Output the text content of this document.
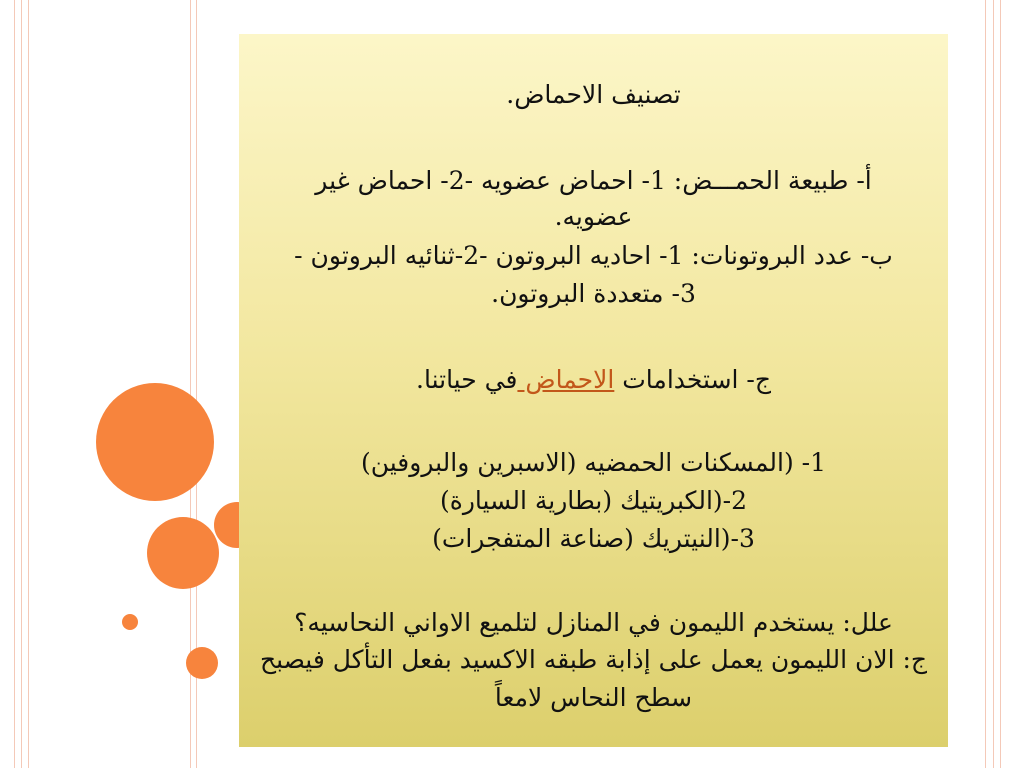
تصنيف الاحماض.
أ- طبيعة الحمـــض: 1- احماض عضويه -2- احماض غير
عضويه.
ب- عدد البروتونات: 1- احاديه البروتون -2-ثنائيه البروتون -
3- متعددة البروتون.
ج- استخدامات الاحماض في حياتنا.
1- (المسكنات الحمضيه (الاسبرين والبروفين)
2-(الكبريتيك (بطارية السيارة)
3-(النيتريك (صناعة المتفجرات)
علل: يستخدم الليمون في المنازل لتلميع الاواني النحاسيه؟
ج: الان الليمون يعمل على إذابة طبقه الاكسيد بفعل التأكل فيصبح
سطح النحاس لامعاً
